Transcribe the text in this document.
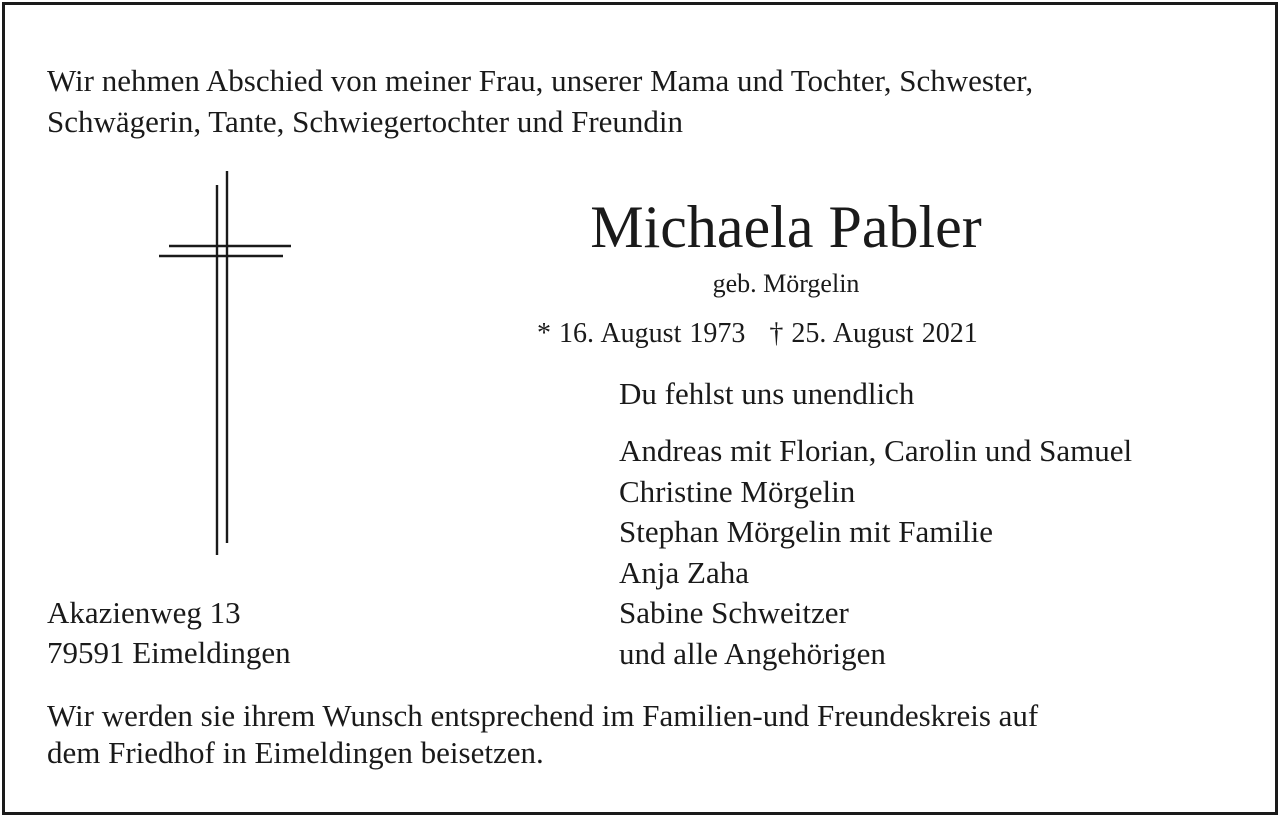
Wir nehmen Abschied von meiner Frau, unserer Mama und Tochter, Schwester,
Schwägerin, Tante, Schwiegertochter und Freundin
Michaela Pabler
geb. Mörgelin
* 16. August 1973 † 25. August 2021
Du fehlst uns unendlich
Andreas mit Florian, Carolin und Samuel
Christine Mörgelin
Stephan Mörgelin mit Familie
Anja Zaha
Sabine Schweitzer
und alle Angehörigen
Akazienweg 13
79591 Eimeldingen
Wir werden sie ihrem Wunsch entsprechend im Familien-und Freundeskreis auf
dem Friedhof in Eimeldingen beisetzen.
